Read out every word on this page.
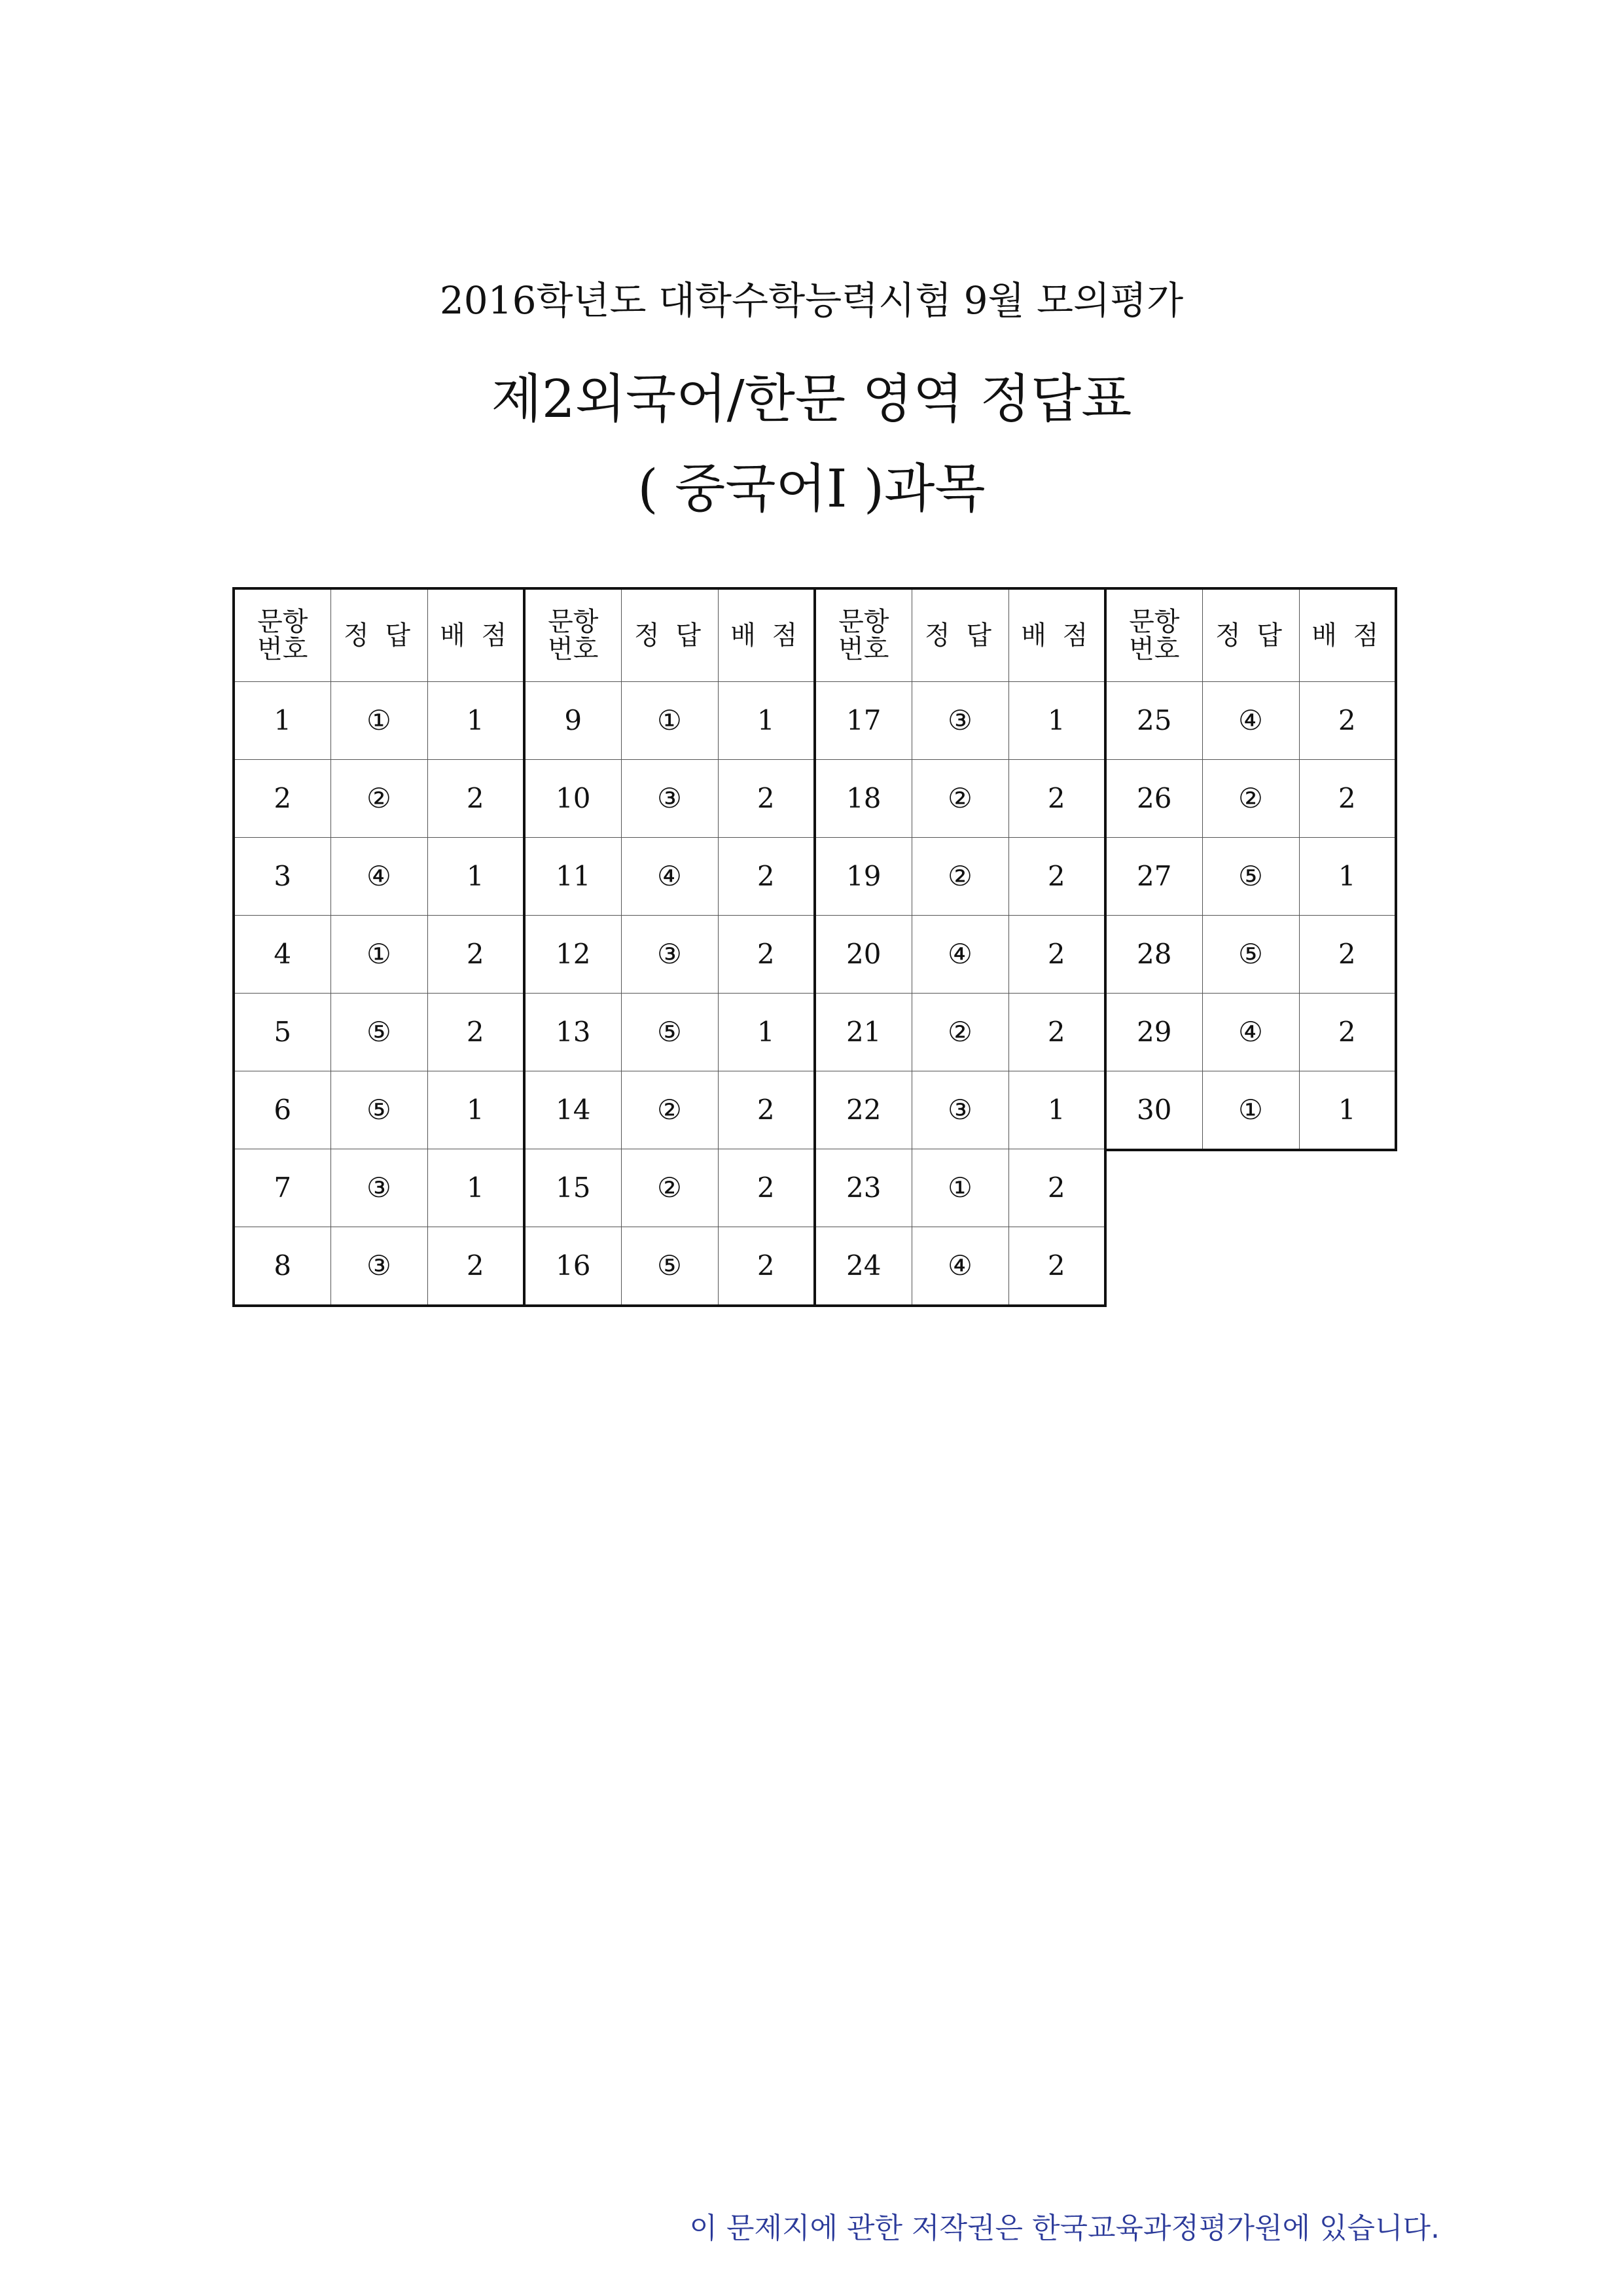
2016학년도 대학수학능력시험 9월 모의평가
제2외국어/한문 영역 정답표
( 중국어Ⅰ )과목
문항
번호	정 답	배 점
1	①	1
2	②	2
3	④	1
4	①	2
5	⑤	2
6	⑤	1
7	③	1
8	③	2
문항
번호	정 답	배 점
9	①	1
10	③	2
11	④	2
12	③	2
13	⑤	1
14	②	2
15	②	2
16	⑤	2
문항
번호	정 답	배 점
17	③	1
18	②	2
19	②	2
20	④	2
21	②	2
22	③	1
23	①	2
24	④	2
문항
번호	정 답	배 점
25	④	2
26	②	2
27	⑤	1
28	⑤	2
29	④	2
30	①	1
이 문제지에 관한 저작권은 한국교육과정평가원에 있습니다.
